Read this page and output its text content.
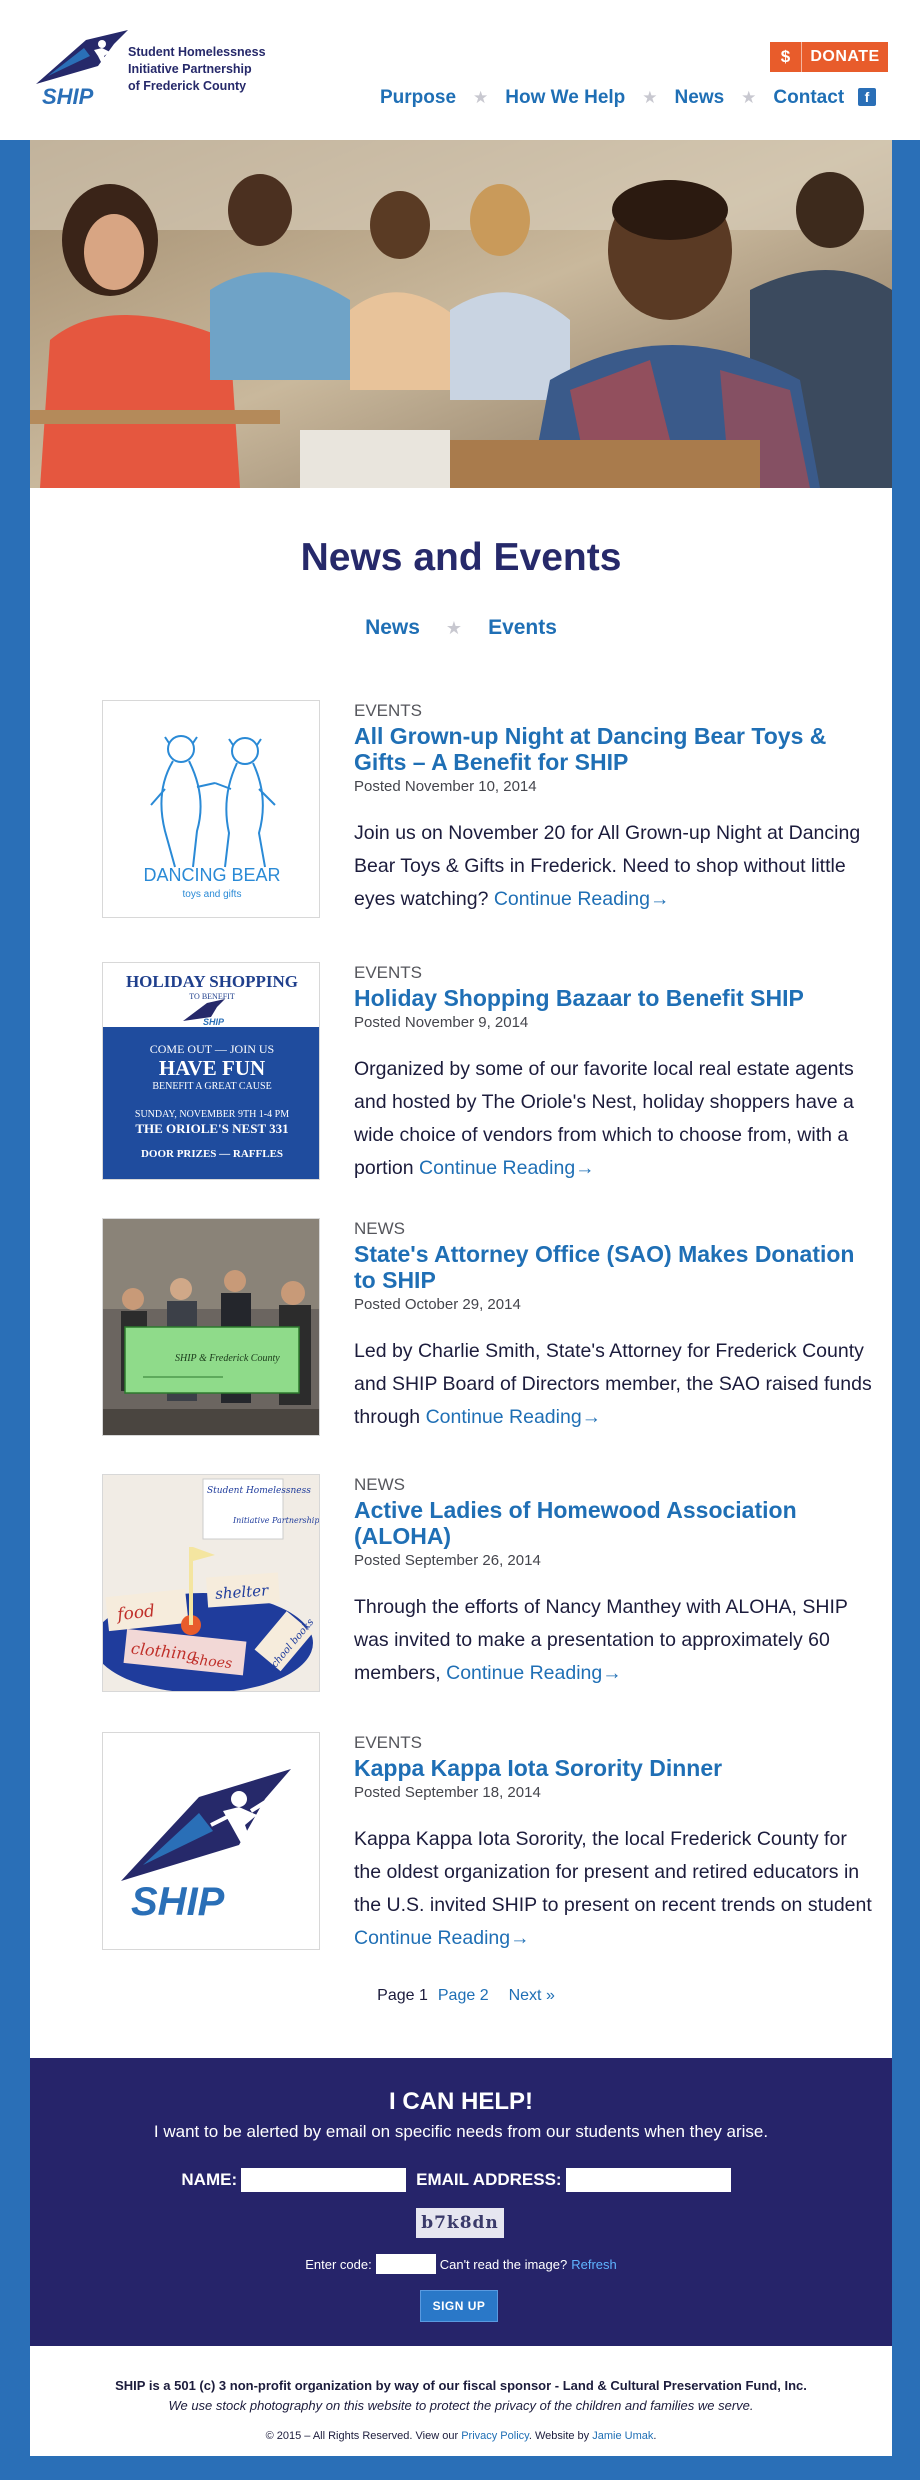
SHIP
Student Homelessness
Initiative Partnership
of Frederick County
$	DONATE
Purpose ★ How We Help ★ News ★ Contact	f
News and Events
News ★ Events
DANCING BEAR
toys and gifts
EVENTS
All Grown-up Night at Dancing Bear Toys & Gifts – A Benefit for SHIP
Posted November 10, 2014

Join us on November 20 for All Grown-up Night at Dancing Bear Toys & Gifts in Frederick. Need to shop without little eyes watching? Continue Reading→

HOLIDAY SHOPPING
TO BENEFIT
SHIP
COME OUT — JOIN US
HAVE FUN
BENEFIT A GREAT CAUSE
SUNDAY, NOVEMBER 9TH 1-4 PM
THE ORIOLE'S NEST 331
DOOR PRIZES — RAFFLES
EVENTS
Holiday Shopping Bazaar to Benefit SHIP
Posted November 9, 2014

Organized by some of our favorite local real estate agents and hosted by The Oriole's Nest, holiday shoppers have a wide choice of vendors from which to choose from, with a portion Continue Reading→

SHIP & Frederick County
NEWS
State's Attorney Office (SAO) Makes Donation to SHIP
Posted October 29, 2014

Led by Charlie Smith, State's Attorney for Frederick County and SHIP Board of Directors member, the SAO raised funds through Continue Reading→

Student Homelessness
Initiative Partnership
food
shelter
clothing
shoes	school books
NEWS
Active Ladies of Homewood Association (ALOHA)
Posted September 26, 2014

Through the efforts of Nancy Manthey with ALOHA, SHIP was invited to make a presentation to approximately 60 members, Continue Reading→

SHIP
EVENTS
Kappa Kappa Iota Sorority Dinner
Posted September 18, 2014

Kappa Kappa Iota Sorority, the local Frederick County for the oldest organization for present and retired educators in the U.S. invited SHIP to present on recent trends on student Continue Reading→

Page 1 Page 2 Next »
I CAN HELP!
I want to be alerted by email on specific needs from our students when they arise.
NAME:	EMAIL ADDRESS:
b7k8dn
Enter code:	Can't read the image? Refresh
SIGN UP
SHIP is a 501 (c) 3 non-profit organization by way of our fiscal sponsor - Land & Cultural Preservation Fund, Inc.
We use stock photography on this website to protect the privacy of the children and families we serve.
© 2015 – All Rights Reserved. View our Privacy Policy. Website by Jamie Umak.
